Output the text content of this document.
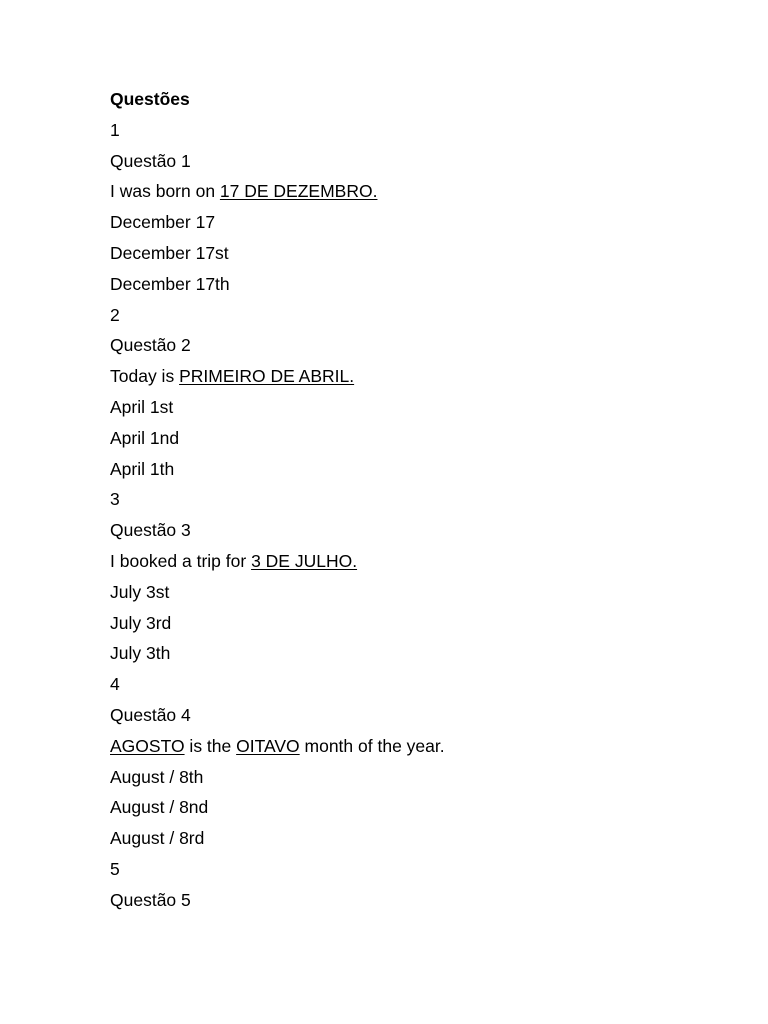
Questões
1
Questão 1
I was born on 17 DE DEZEMBRO.
December 17
December 17st
December 17th
2
Questão 2
Today is PRIMEIRO DE ABRIL.
April 1st
April 1nd
April 1th
3
Questão 3
I booked a trip for 3 DE JULHO.
July 3st
July 3rd
July 3th
4
Questão 4
AGOSTO is the OITAVO month of the year.
August / 8th
August / 8nd
August / 8rd
5
Questão 5
